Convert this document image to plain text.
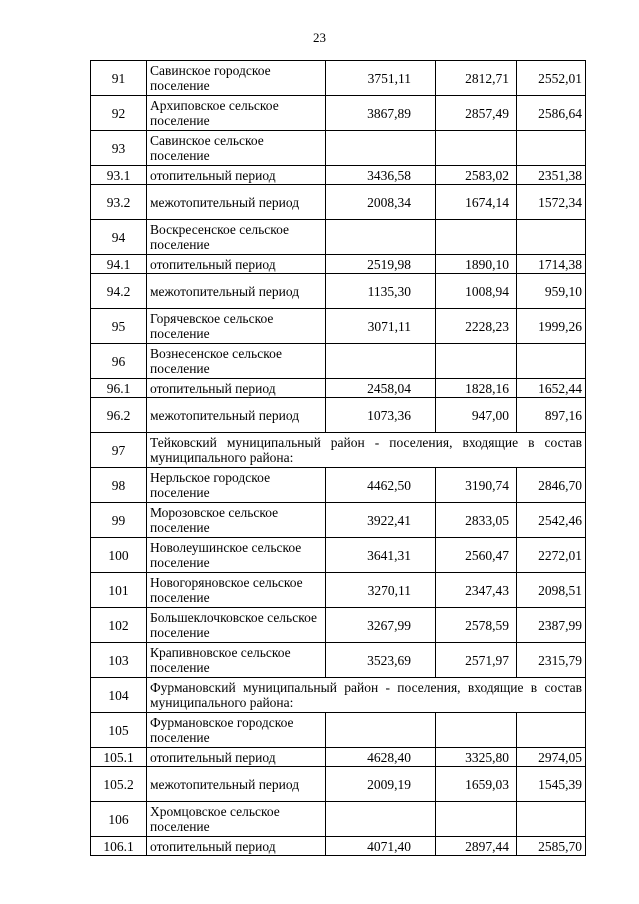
23
91	Савинское городское поселение	3751,11	2812,71	2552,01
92	Архиповское сельское поселение	3867,89	2857,49	2586,64
93	Савинское сельское поселение			
93.1	отопительный период	3436,58	2583,02	2351,38
93.2	межотопительный период	2008,34	1674,14	1572,34
94	Воскресенское сельское поселение			
94.1	отопительный период	2519,98	1890,10	1714,38
94.2	межотопительный период	1135,30	1008,94	959,10
95	Горячевское сельское поселение	3071,11	2228,23	1999,26
96	Вознесенское сельское поселение			
96.1	отопительный период	2458,04	1828,16	1652,44
96.2	межотопительный период	1073,36	947,00	897,16
97	Тейковский муниципальный район - поселения, входящие в состав муниципального района:			
98	Нерльское городское поселение	4462,50	3190,74	2846,70
99	Морозовское сельское поселение	3922,41	2833,05	2542,46
100	Новолеушинское сельское поселение	3641,31	2560,47	2272,01
101	Новогоряновское сельское поселение	3270,11	2347,43	2098,51
102	Большеклочковское сельское поселение	3267,99	2578,59	2387,99
103	Крапивновское сельское поселение	3523,69	2571,97	2315,79
104	Фурмановский муниципальный район - поселения, входящие в состав муниципального района:			
105	Фурмановское городское поселение			
105.1	отопительный период	4628,40	3325,80	2974,05
105.2	межотопительный период	2009,19	1659,03	1545,39
106	Хромцовское сельское поселение			
106.1	отопительный период	4071,40	2897,44	2585,70
